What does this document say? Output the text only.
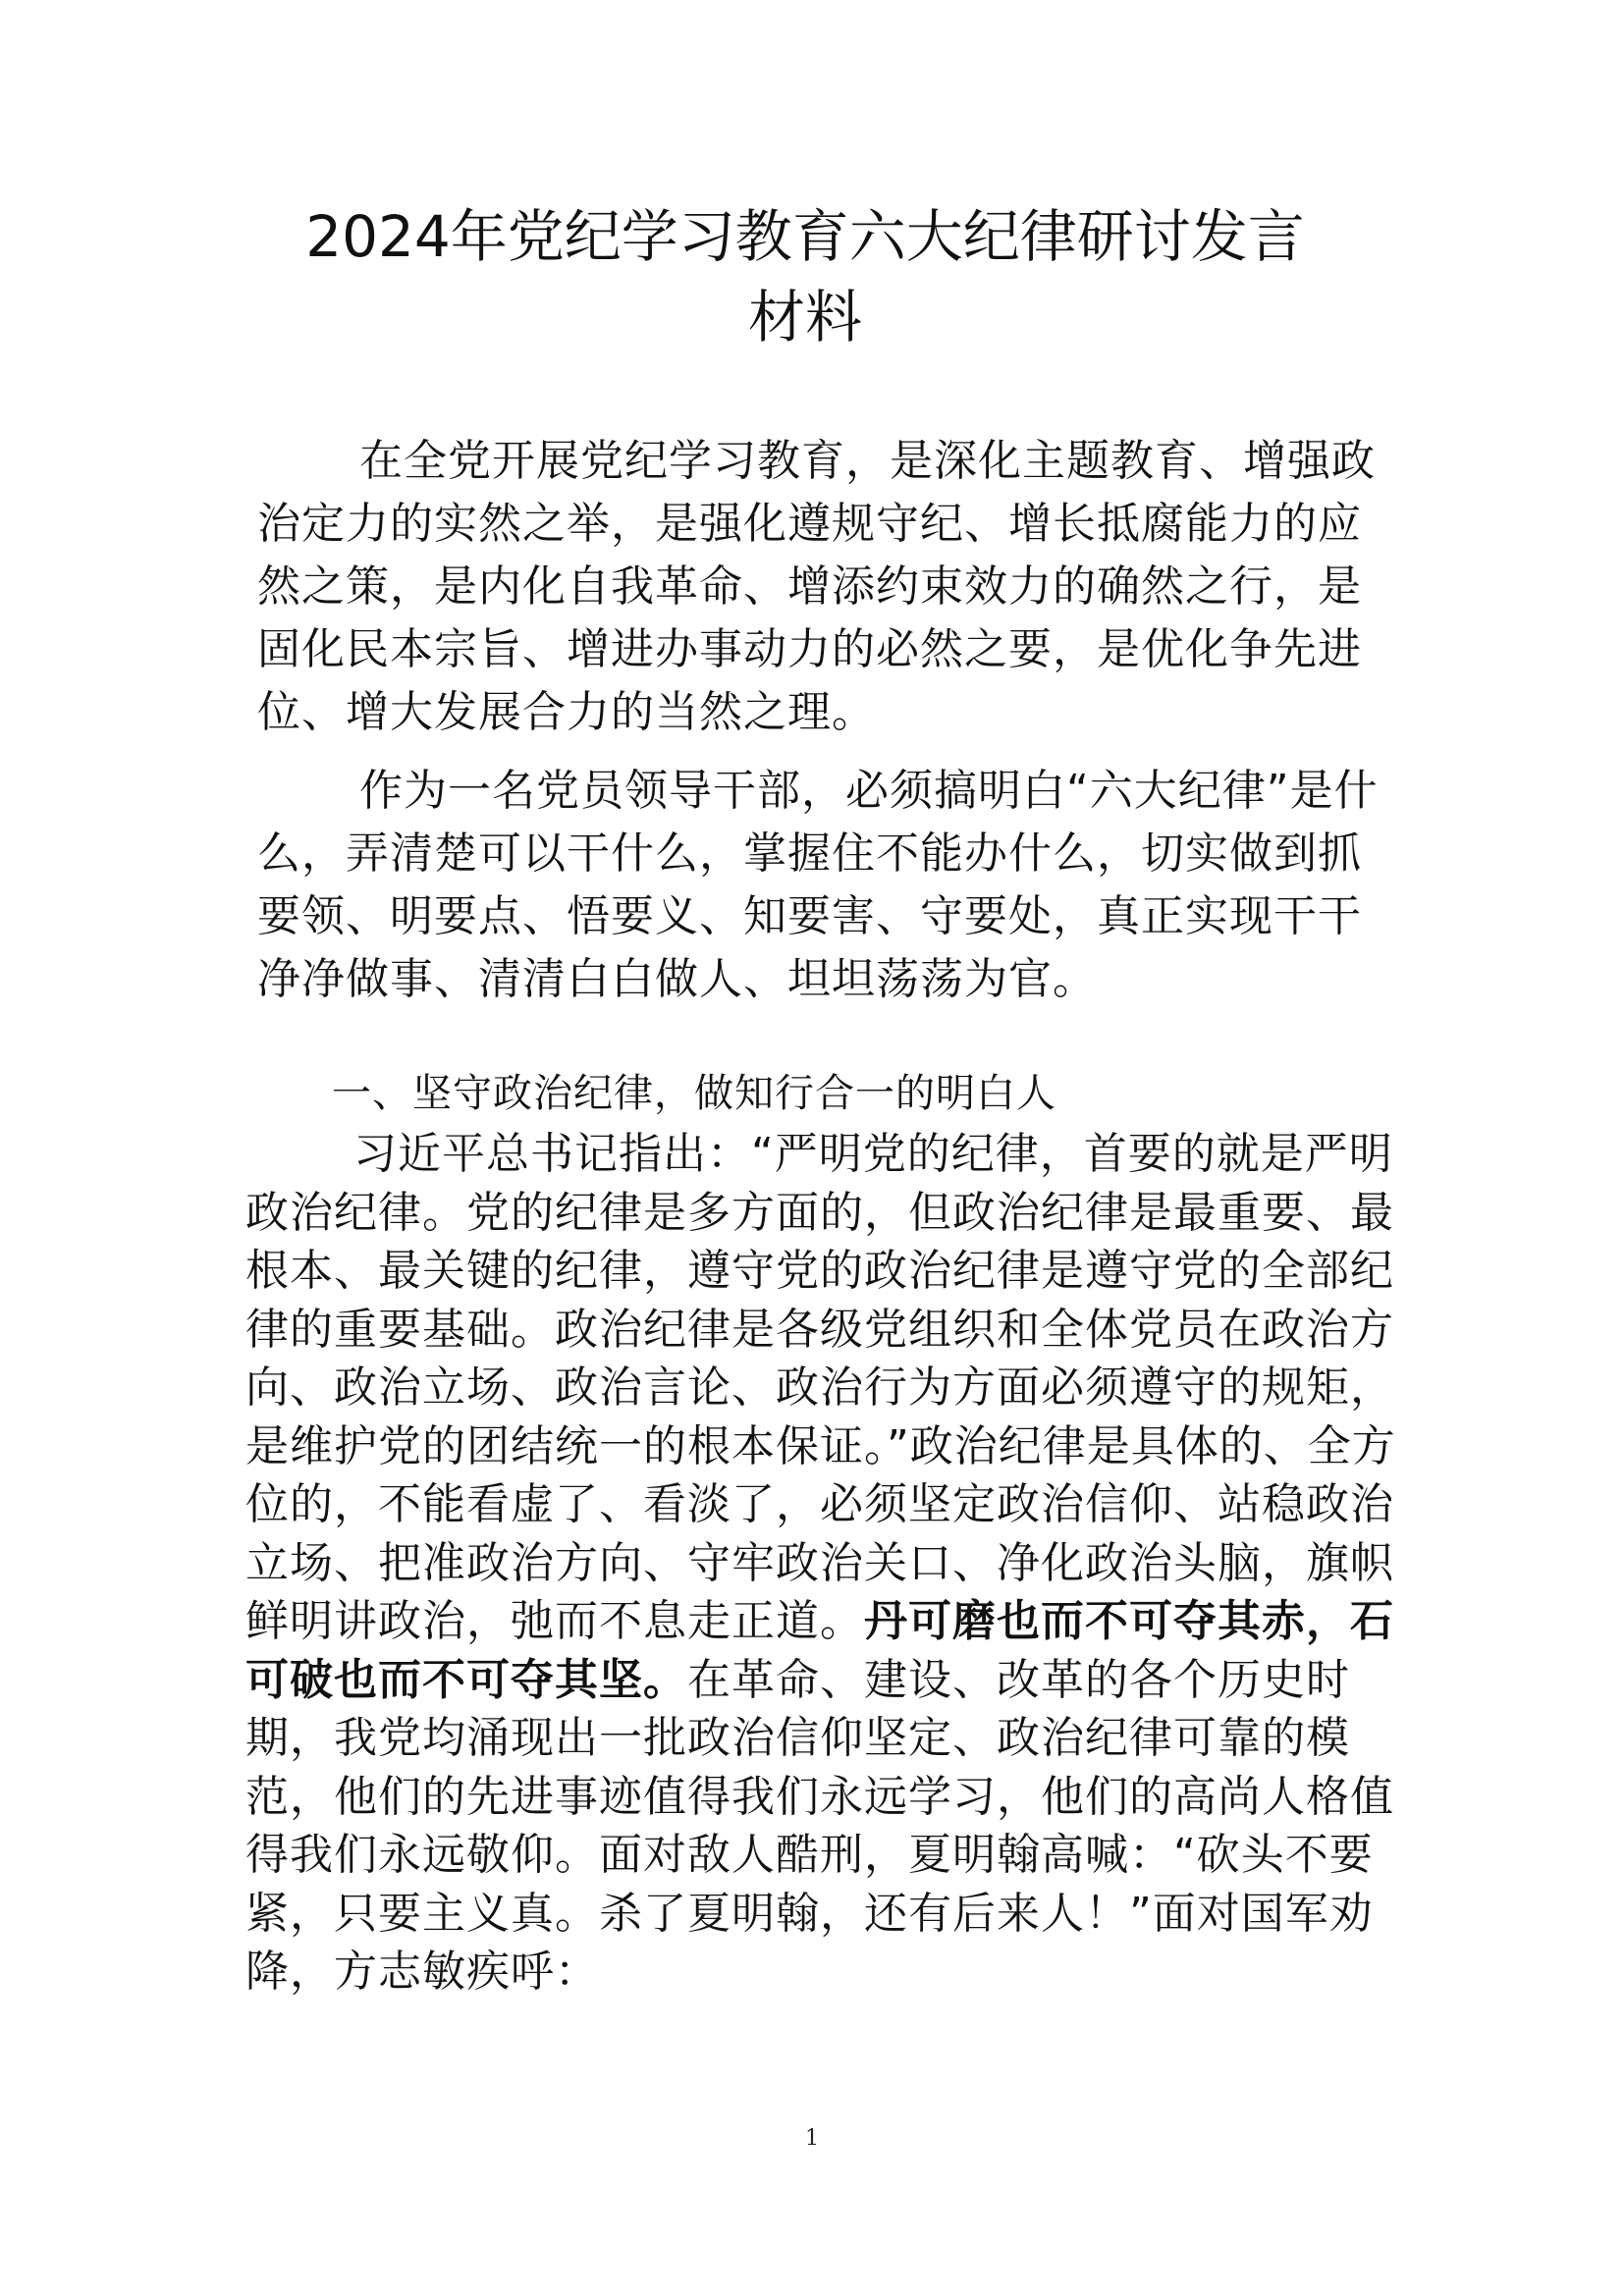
2024年党纪学习教育六大纪律研讨发言
材料

在全党开展党纪学习教育，是深化主题教育、增强政治定力的实然之举，是强化遵规守纪、增长抵腐能力的应然之策，是内化自我革命、增添约束效力的确然之行，是固化民本宗旨、增进办事动力的必然之要，是优化争先进位、增大发展合力的当然之理。

作为一名党员领导干部，必须搞明白“六大纪律”是什么，弄清楚可以干什么，掌握住不能办什么，切实做到抓要领、明要点、悟要义、知要害、守要处，真正实现干干净净做事、清清白白做人、坦坦荡荡为官。

一、坚守政治纪律，做知行合一的明白人

习近平总书记指出：“严明党的纪律，首要的就是严明政治纪律。党的纪律是多方面的，但政治纪律是最重要、最根本、最关键的纪律，遵守党的政治纪律是遵守党的全部纪律的重要基础。政治纪律是各级党组织和全体党员在政治方向、政治立场、政治言论、政治行为方面必须遵守的规矩，是维护党的团结统一的根本保证。”政治纪律是具体的、全方位的，不能看虚了、看淡了，必须坚定政治信仰、站稳政治立场、把准政治方向、守牢政治关口、净化政治头脑，旗帜鲜明讲政治，弛而不息走正道。丹可磨也而不可夺其赤，石可破也而不可夺其坚。在革命、建设、改革的各个历史时期，我党均涌现出一批政治信仰坚定、政治纪律可靠的模范，他们的先进事迹值得我们永远学习，他们的高尚人格值得我们永远敬仰。面对敌人酷刑，夏明翰高喊：“砍头不要紧，只要主义真。杀了夏明翰，还有后来人！”面对国军劝降，方志敏疾呼：

1
